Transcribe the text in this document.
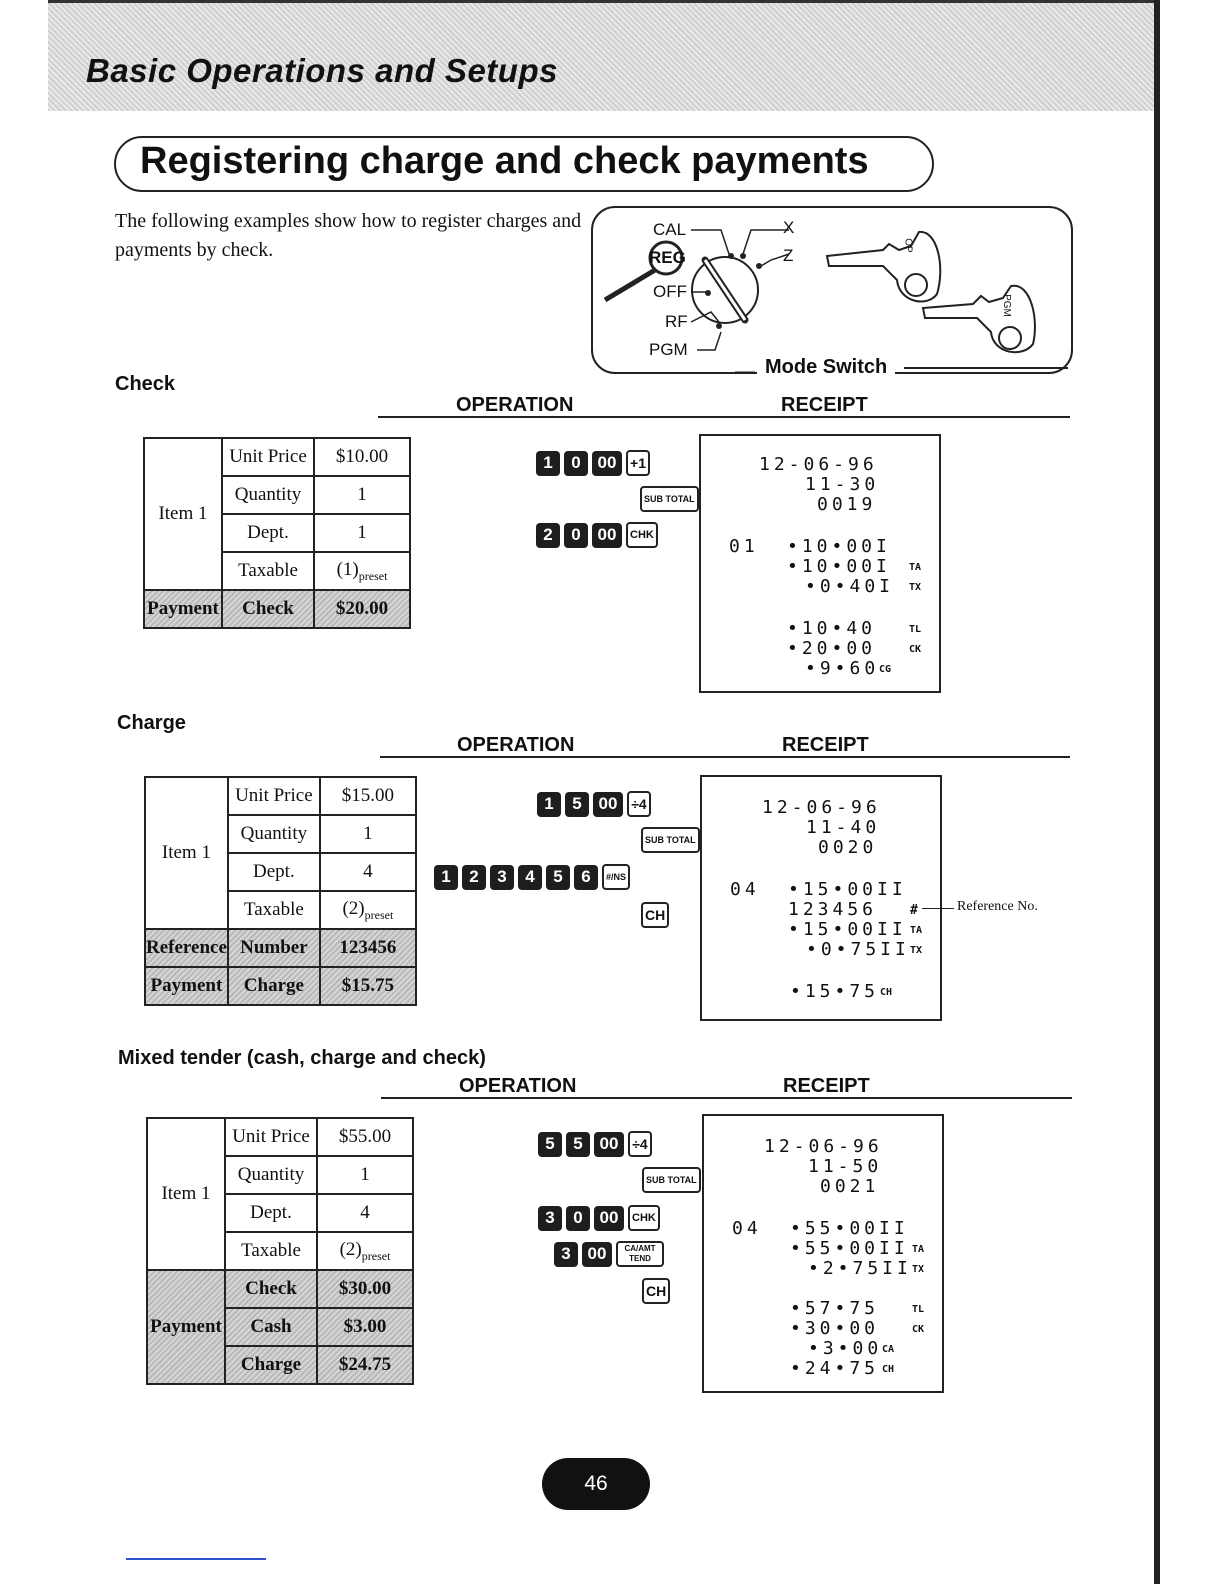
Basic Operations and Setups
Registering charge and check payments
The following examples show how to register charges and payments by check.
CAL
REG
OFF
RF
PGM
X
Z
OP
PGM
Mode Switch
Check
OPERATION	RECEIPT
Item 1	Unit Price	$10.00
	Quantity	1
	Dept.	1
	Taxable	$(1)_{preset}$
Payment	Check	$20.00
1	0 00 +1
SUB TOTAL
2	0 00	CHK
12-06-96
11-30
0019
01 •10•00I
•10•00I TA
•0•40I TX
•10•40	TL
•20•00	CK
•9•60 CG
Charge
OPERATION	RECEIPT
Item 1	Unit Price	$15.00
	Quantity	1
	Dept.	4
	Taxable	$(2)_{preset}$
Reference	Number	123456
Payment	Charge	$15.75
1	5 00 ÷4
SUB TOTAL
1	2	3	4	5	6	#/NS
CH
12-06-96
11-40
0020
04 •15•00II
123456	#
•15•00II TA
•0•75II TX
•15•75 CH
Reference No.
Mixed tender (cash, charge and check)
OPERATION	RECEIPT
Item 1	Unit Price	$55.00
	Quantity	1
	Dept.	4
	Taxable	$(2)_{preset}$
Payment	Check	$30.00
	Cash	$3.00
	Charge	$24.75
5	5 00 ÷4
SUB TOTAL
3	0 00	CHK
3 00	CA/AMT TEND
CH
12-06-96
11-50
0021
04 •55•00II
•55•00II TA
•2•75II TX
•57•75	TL
•30•00	CK
•3•00 CA
•24•75 CH
46
